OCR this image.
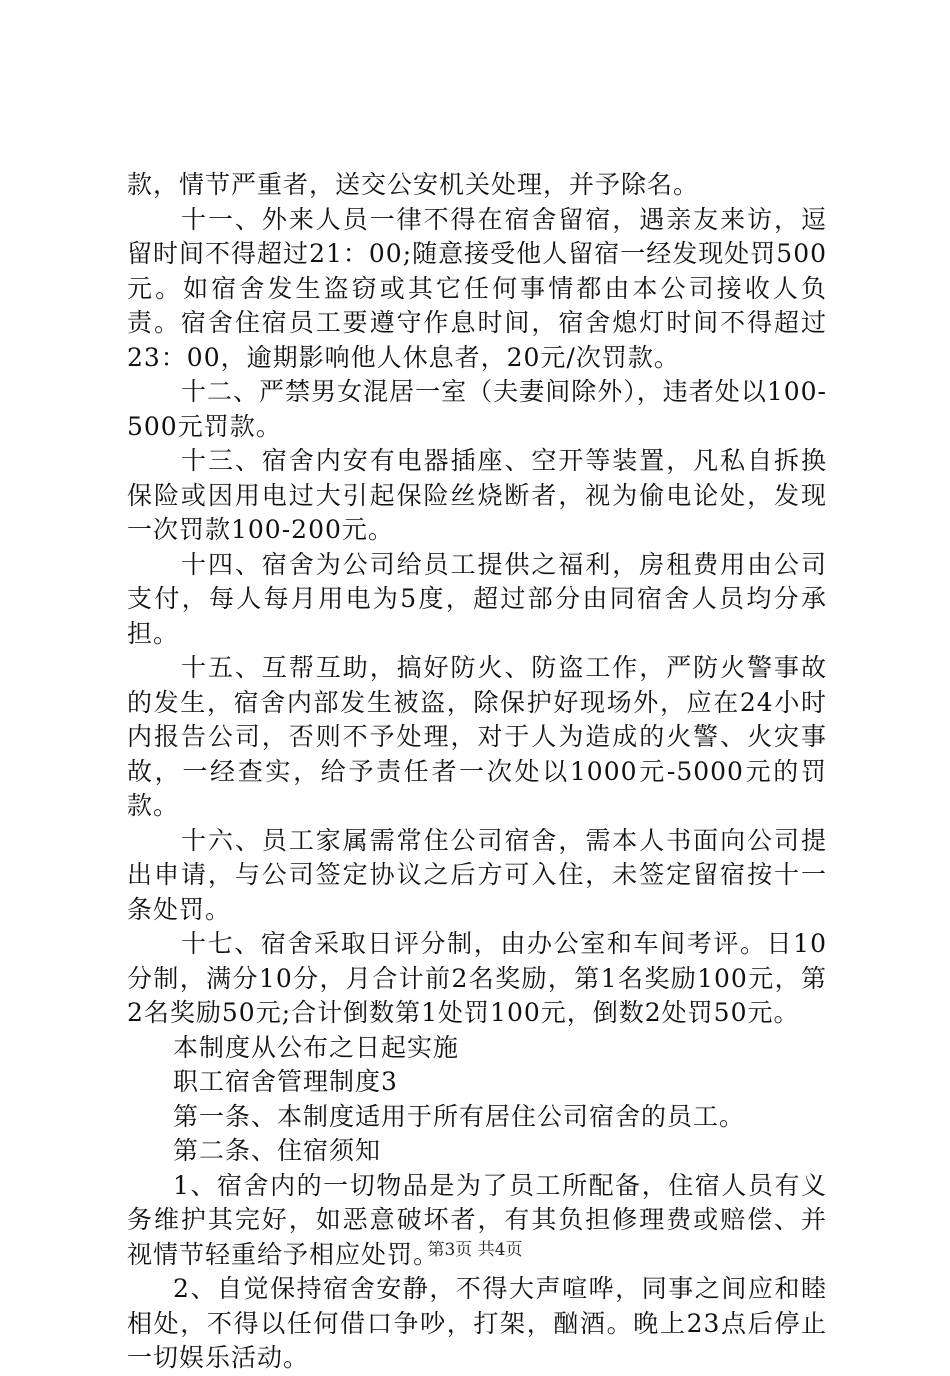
款，情节严重者，送交公安机关处理，并予除名。

十一、外来人员一律不得在宿舍留宿，遇亲友来访，逗留时间不得超过21：00;随意接受他人留宿一经发现处罚500元。如宿舍发生盗窃或其它任何事情都由本公司接收人负责。宿舍住宿员工要遵守作息时间，宿舍熄灯时间不得超过23：00，逾期影响他人休息者，20元/次罚款。

十二、严禁男女混居一室（夫妻间除外），违者处以100-500元罚款。

十三、宿舍内安有电器插座、空开等装置，凡私自拆换保险或因用电过大引起保险丝烧断者，视为偷电论处，发现一次罚款100-200元。

十四、宿舍为公司给员工提供之福利，房租费用由公司支付，每人每月用电为5度，超过部分由同宿舍人员均分承担。

十五、互帮互助，搞好防火、防盗工作，严防火警事故的发生，宿舍内部发生被盗，除保护好现场外，应在24小时内报告公司，否则不予处理，对于人为造成的火警、火灾事故，一经查实，给予责任者一次处以1000元-5000元的罚款。

十六、员工家属需常住公司宿舍，需本人书面向公司提出申请，与公司签定协议之后方可入住，未签定留宿按十一条处罚。

十七、宿舍采取日评分制，由办公室和车间考评。日10分制，满分10分，月合计前2名奖励，第1名奖励100元，第2名奖励50元;合计倒数第1处罚100元，倒数2处罚50元。

本制度从公布之日起实施

职工宿舍管理制度3

第一条、本制度适用于所有居住公司宿舍的员工。

第二条、住宿须知

1、宿舍内的一切物品是为了员工所配备，住宿人员有义务维护其完好，如恶意破坏者，有其负担修理费或赔偿、并视情节轻重给予相应处罚。

2、自觉保持宿舍安静，不得大声喧哗，同事之间应和睦相处，不得以任何借口争吵，打架，酗酒。晚上23点后停止一切娱乐活动。

第3页 共4页
